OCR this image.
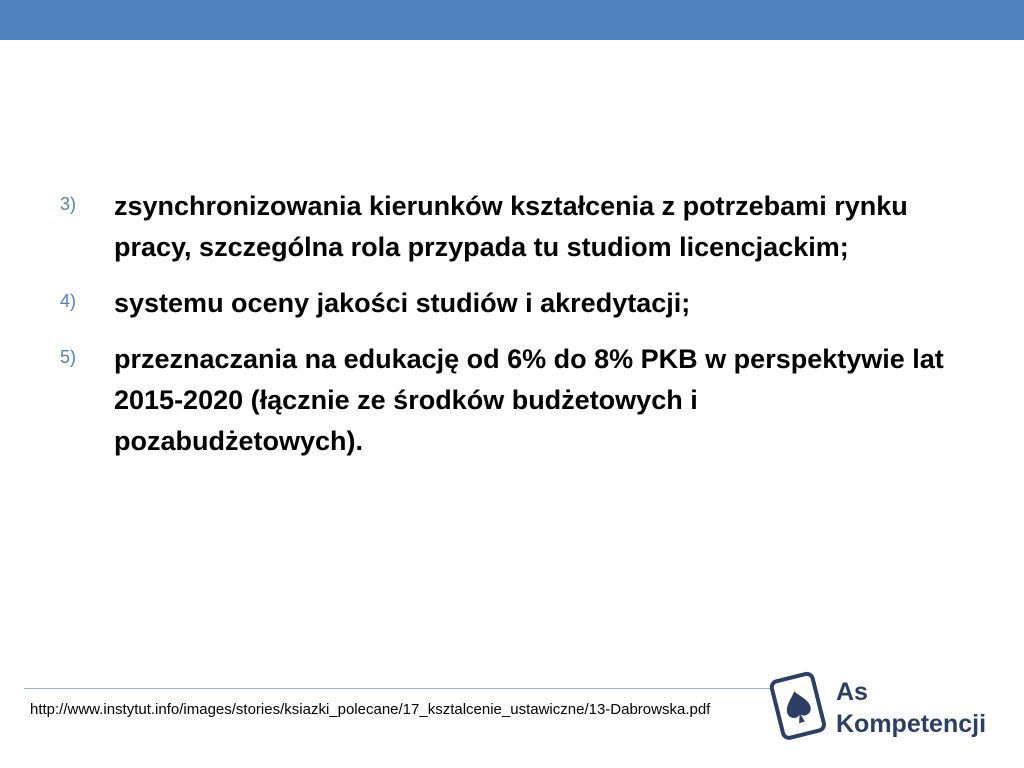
3) zsynchronizowania kierunków kształcenia z potrzebami rynku pracy, szczególna rola przypada tu studiom licencjackim;
4) systemu oceny jakości studiów i akredytacji;
5) przeznaczania na edukację od 6% do 8% PKB w perspektywie lat 2015-2020 (łącznie ze środków budżetowych i pozabudżetowych).
http://www.instytut.info/images/stories/ksiazki_polecane/17_ksztalcenie_ustawiczne/13-Dabrowska.pdf
As
Kompetencji
